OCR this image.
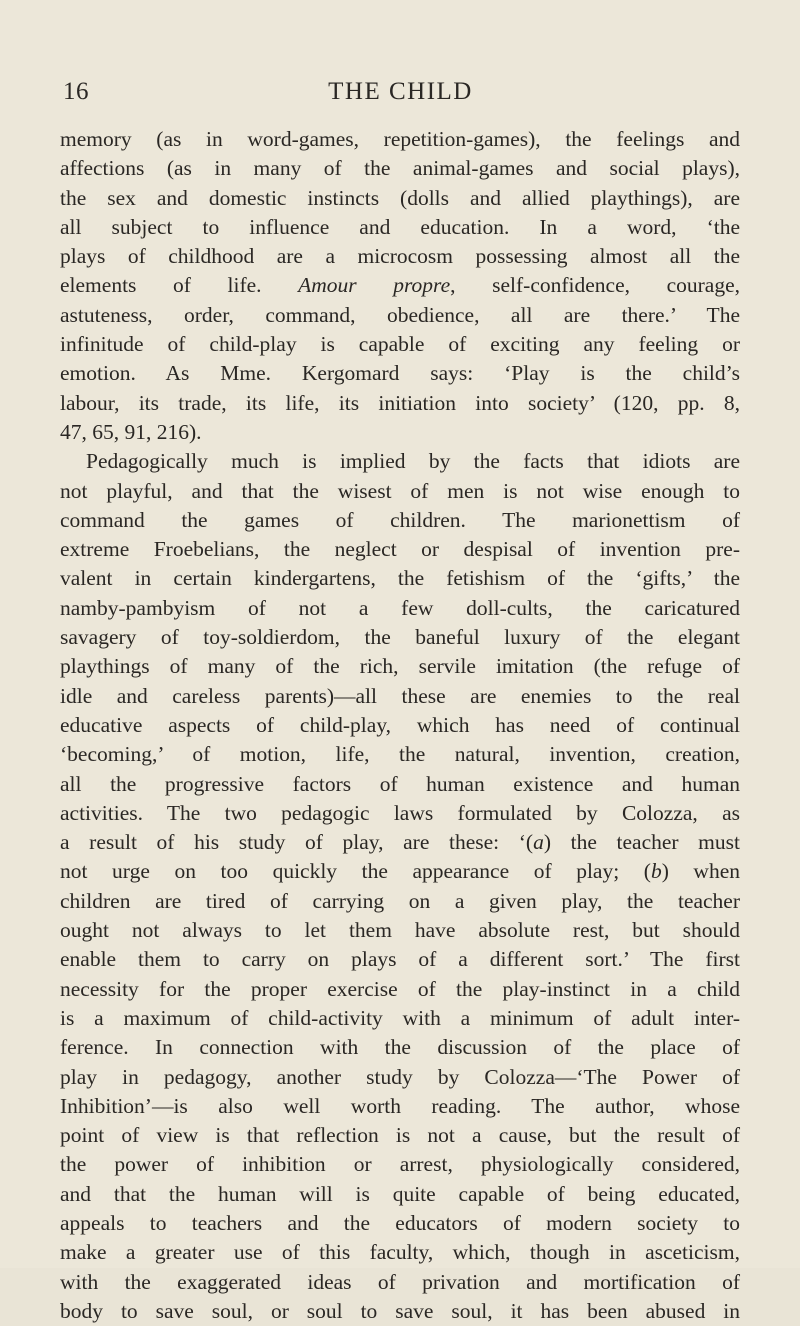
16	THE CHILD
memory (as in word-games, repetition-games), the feelings and
affections (as in many of the animal-games and social plays),
the sex and domestic instincts (dolls and allied playthings), are
all subject to influence and education. In a word, ‘the
plays of childhood are a microcosm possessing almost all the
elements of life. Amour propre, self-confidence, courage,
astuteness, order, command, obedience, all are there.’ The
infinitude of child-play is capable of exciting any feeling or
emotion. As Mme. Kergomard says: ‘Play is the child’s
labour, its trade, its life, its initiation into society’ (120, pp. 8,
47, 65, 91, 216).
Pedagogically much is implied by the facts that idiots are
not playful, and that the wisest of men is not wise enough to
command the games of children. The marionettism of
extreme Froebelians, the neglect or despisal of invention pre-
valent in certain kindergartens, the fetishism of the ‘gifts,’ the
namby-pambyism of not a few doll-cults, the caricatured
savagery of toy-soldierdom, the baneful luxury of the elegant
playthings of many of the rich, servile imitation (the refuge of
idle and careless parents)—all these are enemies to the real
educative aspects of child-play, which has need of continual
‘becoming,’ of motion, life, the natural, invention, creation,
all the progressive factors of human existence and human
activities. The two pedagogic laws formulated by Colozza, as
a result of his study of play, are these: ‘(a) the teacher must
not urge on too quickly the appearance of play; (b) when
children are tired of carrying on a given play, the teacher
ought not always to let them have absolute rest, but should
enable them to carry on plays of a different sort.’ The first
necessity for the proper exercise of the play-instinct in a child
is a maximum of child-activity with a minimum of adult inter-
ference. In connection with the discussion of the place of
play in pedagogy, another study by Colozza—‘The Power of
Inhibition’—is also well worth reading. The author, whose
point of view is that reflection is not a cause, but the result of
the power of inhibition or arrest, physiologically considered,
and that the human will is quite capable of being educated,
appeals to teachers and the educators of modern society to
make a greater use of this faculty, which, though in asceticism,
with the exaggerated ideas of privation and mortification of
body to save soul, or soul to save soul, it has been abused in
